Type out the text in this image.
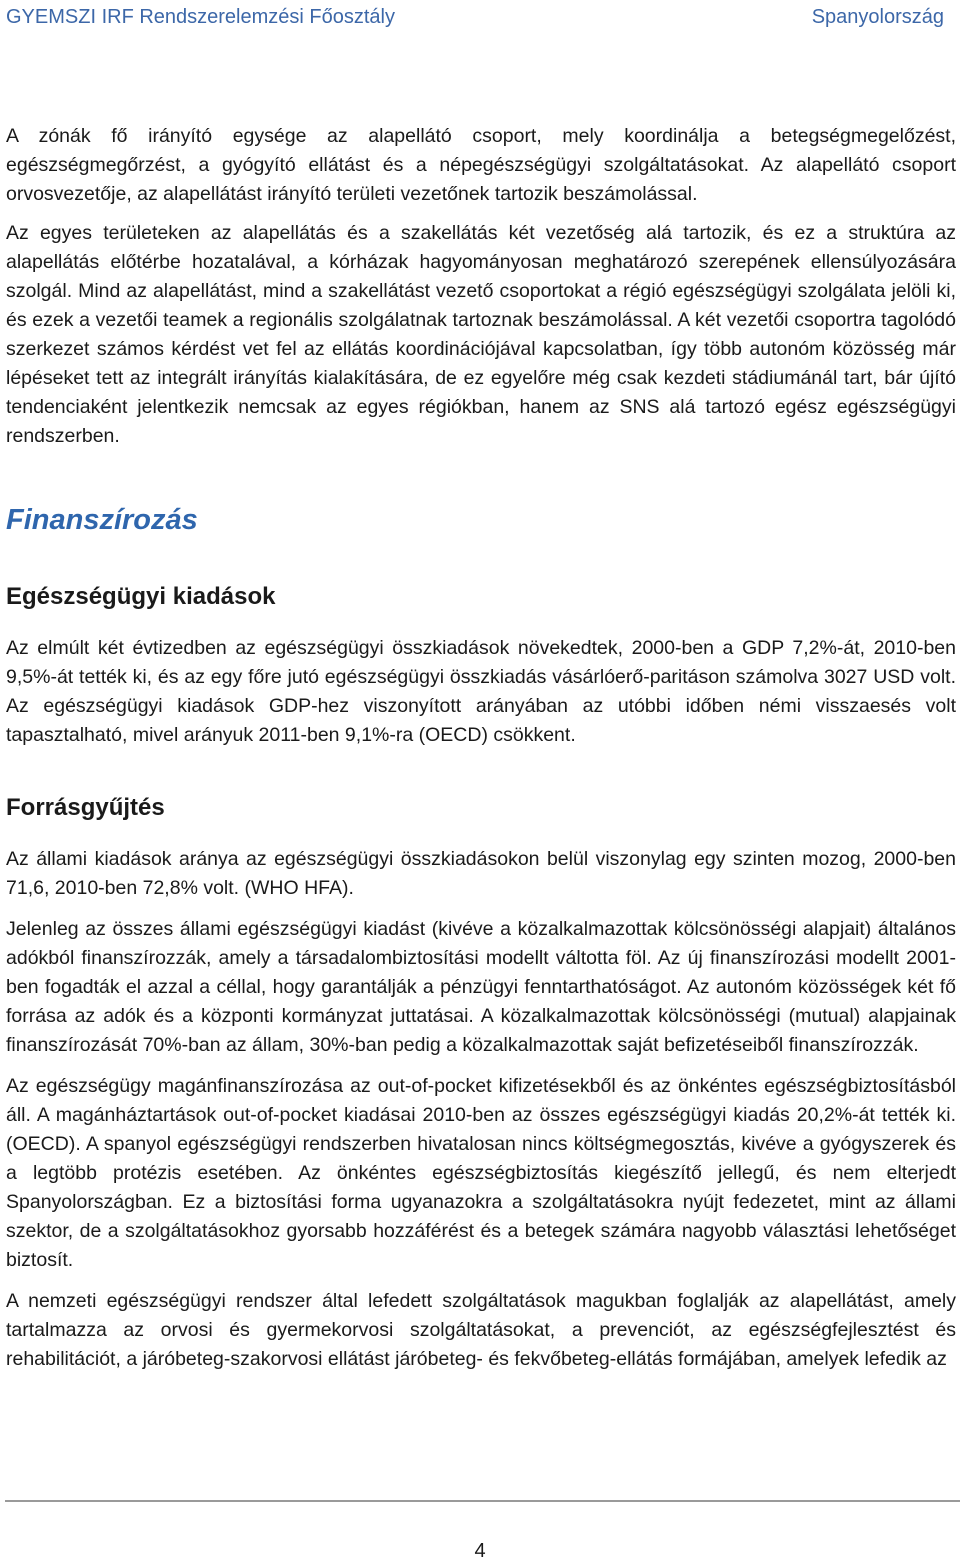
GYEMSZI IRF Rendszerelemzési Főosztály	Spanyolország

A zónák fő irányító egysége az alapellátó csoport, mely koordinálja a betegségmegelőzést, egészségmegőrzést, a gyógyító ellátást és a népegészségügyi szolgáltatásokat. Az alapellátó csoport orvosvezetője, az alapellátást irányító területi vezetőnek tartozik beszámolással.

Az egyes területeken az alapellátás és a szakellátás két vezetőség alá tartozik, és ez a struktúra az alapellátás előtérbe hozatalával, a kórházak hagyományosan meghatározó szerepének ellensúlyozására szolgál. Mind az alapellátást, mind a szakellátást vezető csoportokat a régió egészségügyi szolgálata jelöli ki, és ezek a vezetői teamek a regionális szolgálatnak tartoznak beszámolással. A két vezetői csoportra tagolódó szerkezet számos kérdést vet fel az ellátás koordinációjával kapcsolatban, így több autonóm közösség már lépéseket tett az integrált irányítás kialakítására, de ez egyelőre még csak kezdeti stádiumánál tart, bár újító tendenciaként jelentkezik nemcsak az egyes régiókban, hanem az SNS alá tartozó egész egészségügyi rendszerben.

Finanszírozás
Egészségügyi kiadások

Az elmúlt két évtizedben az egészségügyi összkiadások növekedtek, 2000-ben a GDP 7,2%-át, 2010-ben 9,5%-át tették ki, és az egy főre jutó egészségügyi összkiadás vásárlóerő-paritáson számolva 3027 USD volt. Az egészségügyi kiadások GDP-hez viszonyított arányában az utóbbi időben némi visszaesés volt tapasztalható, mivel arányuk 2011-ben 9,1%-ra (OECD) csökkent.

Forrásgyűjtés

Az állami kiadások aránya az egészségügyi összkiadásokon belül viszonylag egy szinten mozog, 2000-ben 71,6, 2010-ben 72,8% volt. (WHO HFA).

Jelenleg az összes állami egészségügyi kiadást (kivéve a közalkalmazottak kölcsönösségi alapjait) általános adókból finanszírozzák, amely a társadalombiztosítási modellt váltotta föl. Az új finanszírozási modellt 2001-ben fogadták el azzal a céllal, hogy garantálják a pénzügyi fenntarthatóságot. Az autonóm közösségek két fő forrása az adók és a központi kormányzat juttatásai. A közalkalmazottak kölcsönösségi (mutual) alapjainak finanszírozását 70%-ban az állam, 30%-ban pedig a közalkalmazottak saját befizetéseiből finanszírozzák.

Az egészségügy magánfinanszírozása az out-of-pocket kifizetésekből és az önkéntes egészségbiztosításból áll. A magánháztartások out-of-pocket kiadásai 2010-ben az összes egészségügyi kiadás 20,2%-át tették ki. (OECD). A spanyol egészségügyi rendszerben hivatalosan nincs költségmegosztás, kivéve a gyógyszerek és a legtöbb protézis esetében. Az önkéntes egészségbiztosítás kiegészítő jellegű, és nem elterjedt Spanyolországban. Ez a biztosítási forma ugyanazokra a szolgáltatásokra nyújt fedezetet, mint az állami szektor, de a szolgáltatásokhoz gyorsabb hozzáférést és a betegek számára nagyobb választási lehetőséget biztosít.

A nemzeti egészségügyi rendszer által lefedett szolgáltatások magukban foglalják az alapellátást, amely tartalmazza az orvosi és gyermekorvosi szolgáltatásokat, a prevenciót, az egészségfejlesztést és rehabilitációt, a járóbeteg-szakorvosi ellátást járóbeteg- és fekvőbeteg-ellátás formájában, amelyek lefedik az

4
